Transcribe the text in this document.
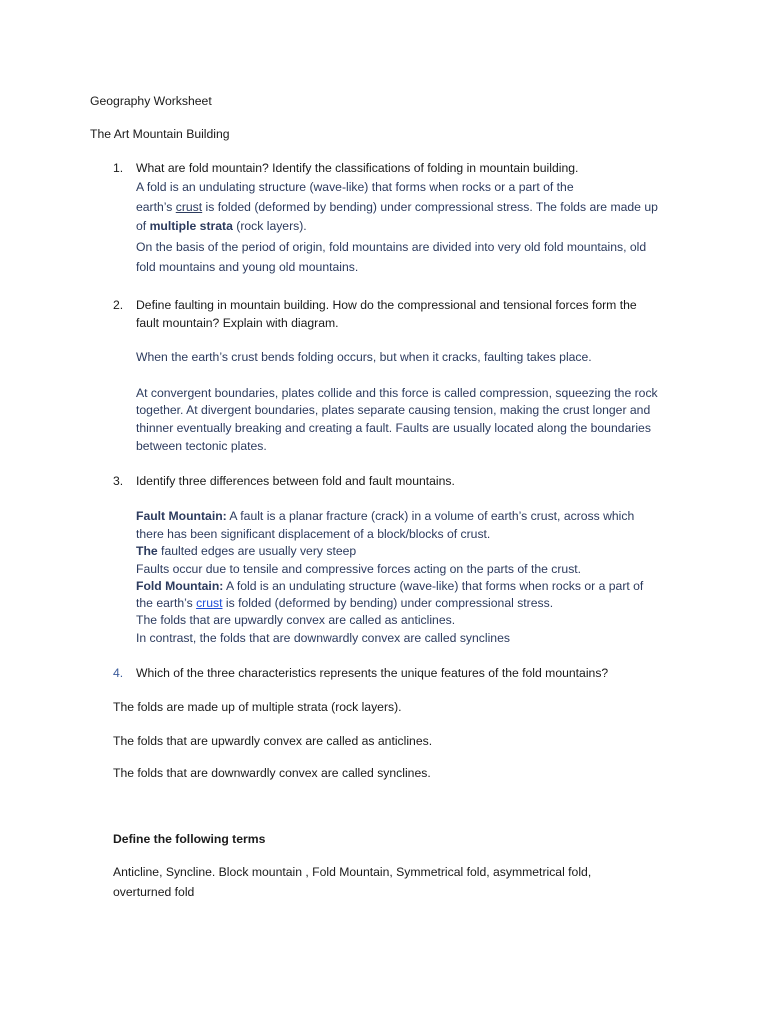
Geography Worksheet
The Art Mountain Building
1. What are fold mountain? Identify the classifications of folding in mountain building.
A fold is an undulating structure (wave-like) that forms when rocks or a part of the
earth’s crust is folded (deformed by bending) under compressional stress. The folds are made up
of multiple strata (rock layers).
On the basis of the period of origin, fold mountains are divided into very old fold mountains, old
fold mountains and young old mountains.
2. Define faulting in mountain building. How do the compressional and tensional forces form the
fault mountain? Explain with diagram.
When the earth’s crust bends folding occurs, but when it cracks, faulting takes place.
At convergent boundaries, plates collide and this force is called compression, squeezing the rock
together. At divergent boundaries, plates separate causing tension, making the crust longer and
thinner eventually breaking and creating a fault. Faults are usually located along the boundaries
between tectonic plates.
3. Identify three differences between fold and fault mountains.
Fault Mountain: A fault is a planar fracture (crack) in a volume of earth’s crust, across which
there has been significant displacement of a block/blocks of crust.
The faulted edges are usually very steep
Faults occur due to tensile and compressive forces acting on the parts of the crust.
Fold Mountain: A fold is an undulating structure (wave-like) that forms when rocks or a part of
the earth’s crust is folded (deformed by bending) under compressional stress.
The folds that are upwardly convex are called as anticlines.
In contrast, the folds that are downwardly convex are called synclines
4. Which of the three characteristics represents the unique features of the fold mountains?
The folds are made up of multiple strata (rock layers).
The folds that are upwardly convex are called as anticlines.
The folds that are downwardly convex are called synclines.
Define the following terms
Anticline, Syncline. Block mountain , Fold Mountain, Symmetrical fold, asymmetrical fold,
overturned fold
